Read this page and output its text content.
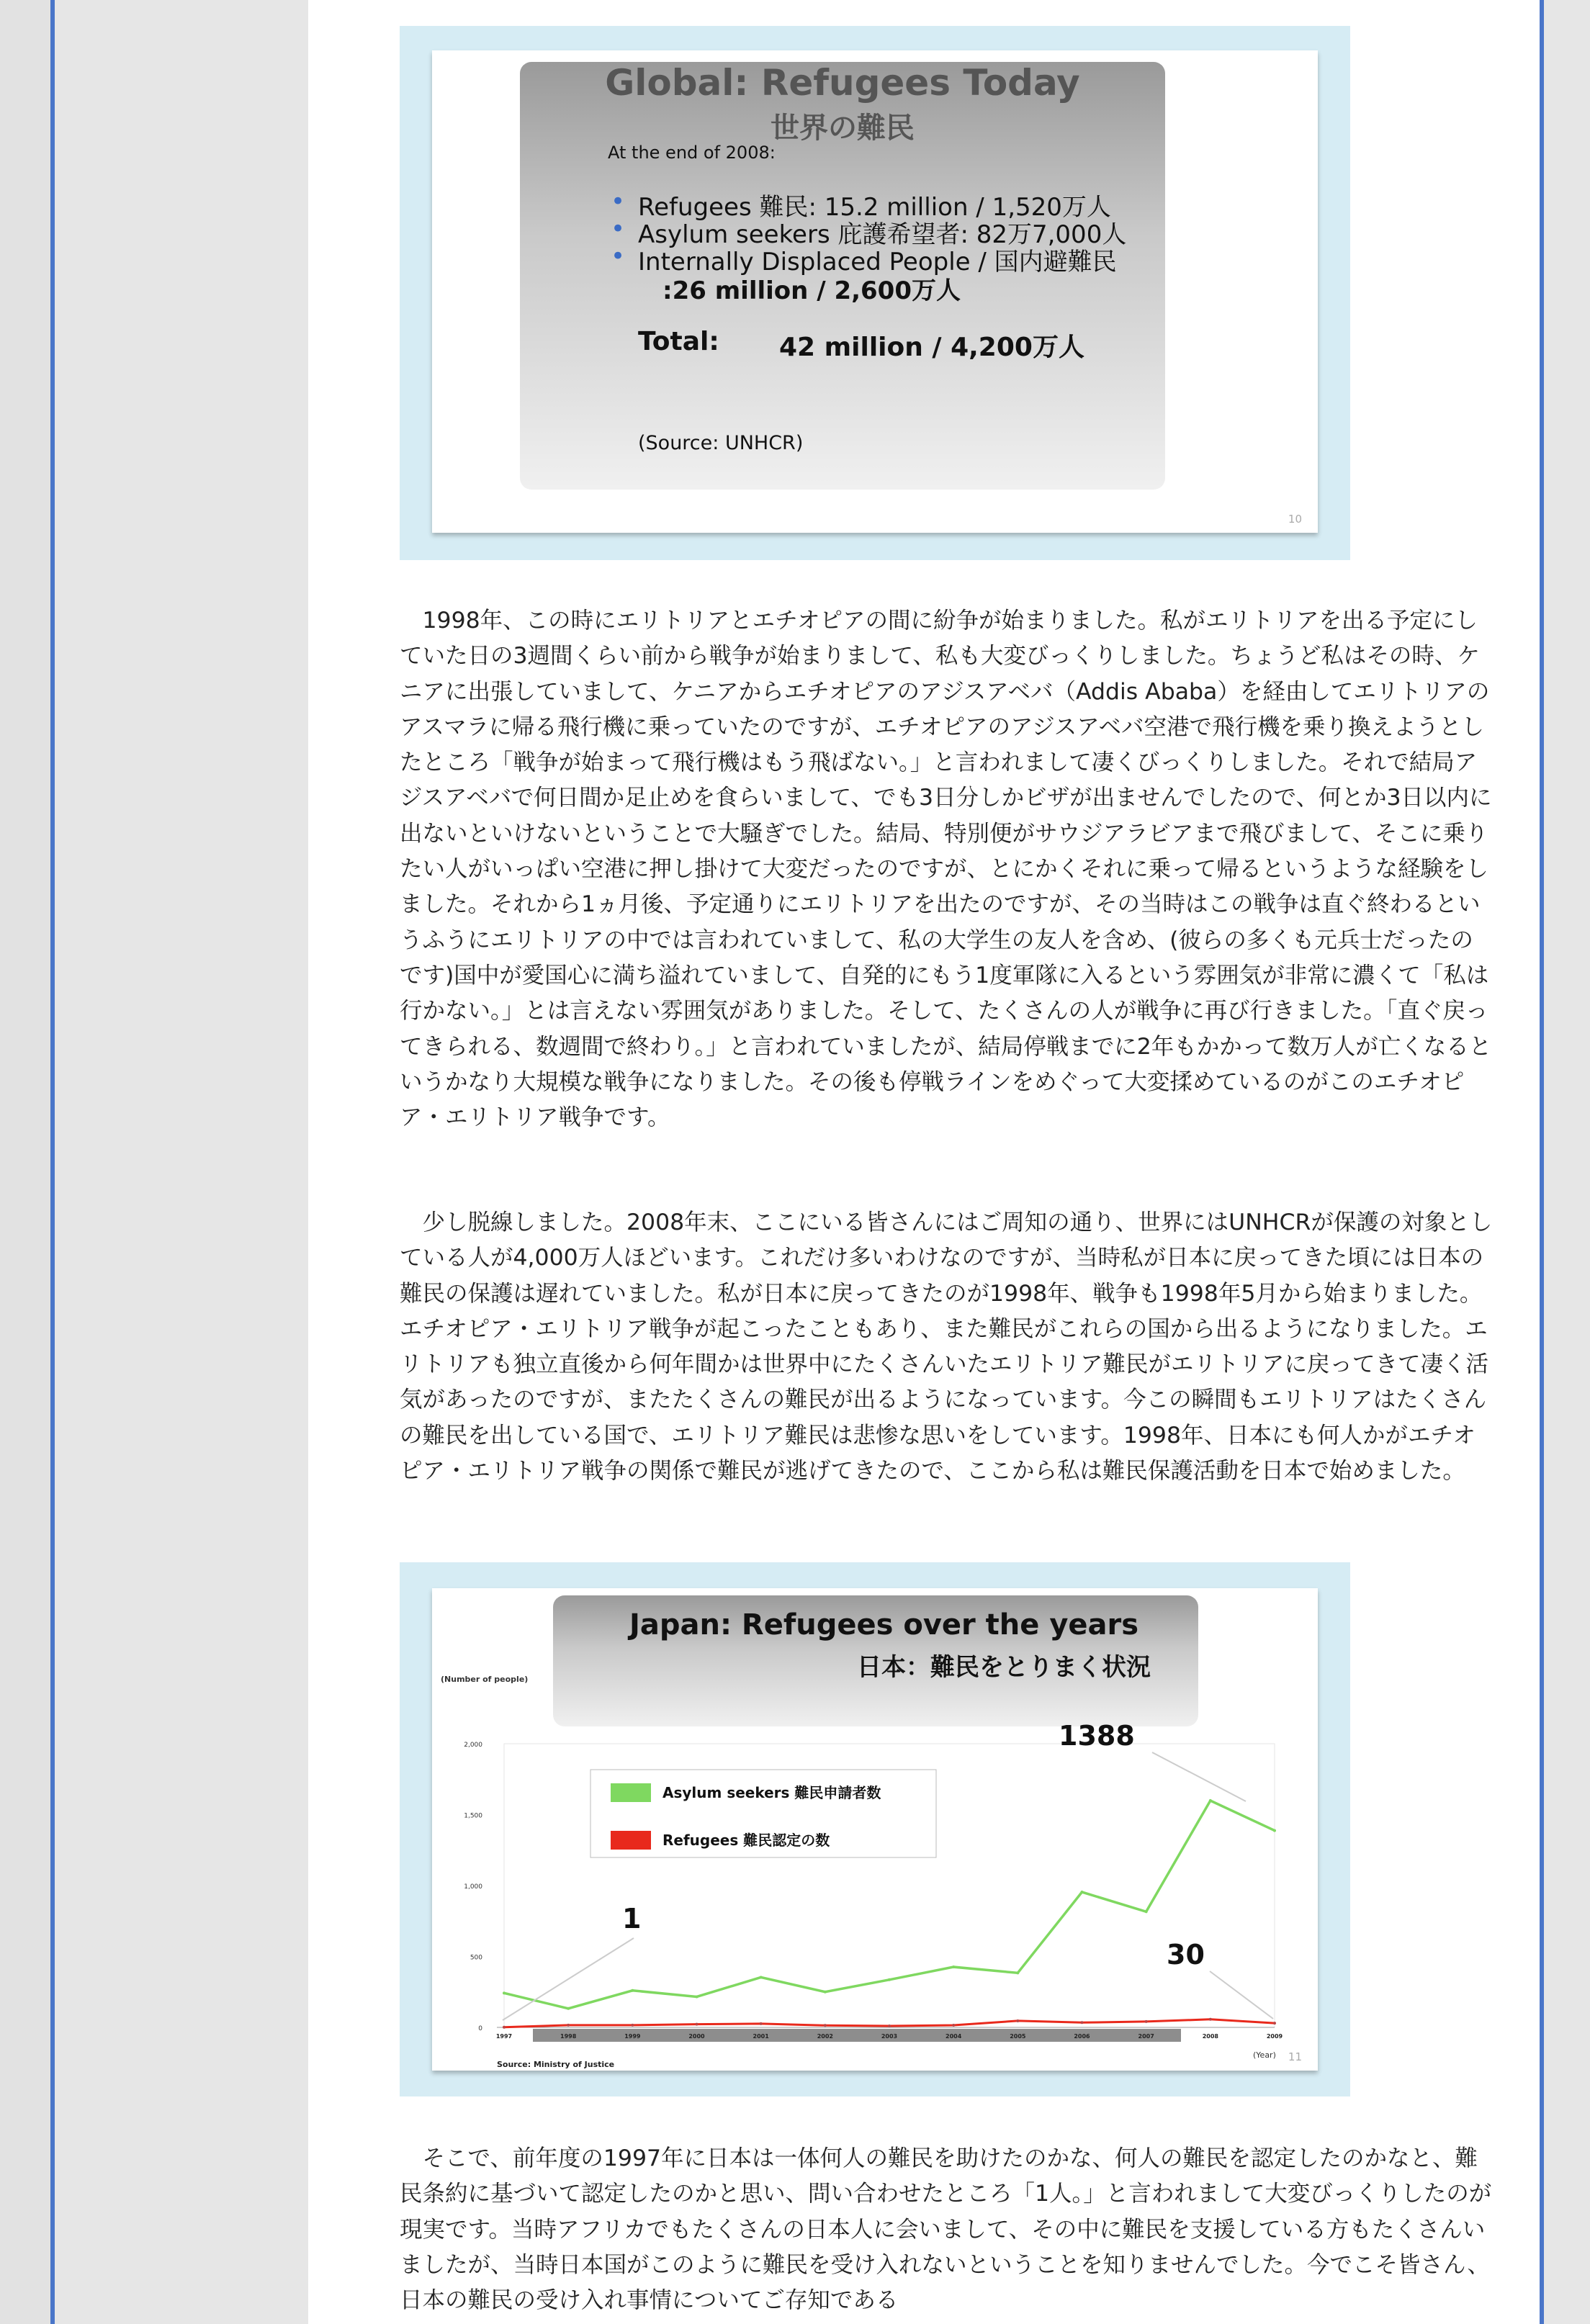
Global: Refugees Today
世界の難民
At the end of 2008:
• Refugees 難民: 15.2 million / 1,520万人
• Asylum seekers 庇護希望者: 82万7,000人
• Internally Displaced People / 国内避難民
:26 million / 2,600万人
Total: 42 million / 4,200万人
(Source: UNHCR)
10
1998年、この時にエリトリアとエチオピアの間に紛争が始まりました。私がエリトリアを出る予定にしていた日の3週間くらい前から戦争が始まりまして、私も大変びっくりしました。ちょうど私はその時、ケニアに出張していまして、ケニアからエチオピアのアジスアベバ（Addis Ababa）を経由してエリトリアのアスマラに帰る飛行機に乗っていたのですが、エチオピアのアジスアベバ空港で飛行機を乗り換えようとしたところ「戦争が始まって飛行機はもう飛ばない。」と言われまして凄くびっくりしました。それで結局アジスアベバで何日間か足止めを食らいまして、でも3日分しかビザが出ませんでしたので、何とか3日以内に出ないといけないということで大騒ぎでした。結局、特別便がサウジアラビアまで飛びまして、そこに乗りたい人がいっぱい空港に押し掛けて大変だったのですが、とにかくそれに乗って帰るというような経験をしました。それから1ヵ月後、予定通りにエリトリアを出たのですが、その当時はこの戦争は直ぐ終わるというふうにエリトリアの中では言われていまして、私の大学生の友人を含め、(彼らの多くも元兵士だったのです)国中が愛国心に満ち溢れていまして、自発的にもう1度軍隊に入るという雰囲気が非常に濃くて「私は行かない。」とは言えない雰囲気がありました。そして、たくさんの人が戦争に再び行きました。「直ぐ戻ってきられる、数週間で終わり。」と言われていましたが、結局停戦までに2年もかかって数万人が亡くなるというかなり大規模な戦争になりました。その後も停戦ラインをめぐって大変揉めているのがこのエチオピア・エリトリア戦争です。
少し脱線しました。2008年末、ここにいる皆さんにはご周知の通り、世界にはUNHCRが保護の対象としている人が4,000万人ほどいます。これだけ多いわけなのですが、当時私が日本に戻ってきた頃には日本の難民の保護は遅れていました。私が日本に戻ってきたのが1998年、戦争も1998年5月から始まりました。エチオピア・エリトリア戦争が起こったこともあり、また難民がこれらの国から出るようになりました。エリトリアも独立直後から何年間かは世界中にたくさんいたエリトリア難民がエリトリアに戻ってきて凄く活気があったのですが、またたくさんの難民が出るようになっています。今この瞬間もエリトリアはたくさんの難民を出している国で、エリトリア難民は悲惨な思いをしています。1998年、日本にも何人かがエチオピア・エリトリア戦争の関係で難民が逃げてきたので、ここから私は難民保護活動を日本で始めました。
Japan: Refugees over the years
日本：難民をとりまく状況
(Number of people)
0
500
1,000
1,500
2,000
1997	1998	1999	2000	2001	2002	2003	2004	2005	2006	2007	2008	2009
(Year)
Source: Ministry of Justice
Asylum seekers 難民申請者数
Refugees 難民認定の数
1388
1
30
11
そこで、前年度の1997年に日本は一体何人の難民を助けたのかな、何人の難民を認定したのかなと、難民条約に基づいて認定したのかと思い、問い合わせたところ「1人。」と言われまして大変びっくりしたのが現実です。当時アフリカでもたくさんの日本人に会いまして、その中に難民を支援している方もたくさんいましたが、当時日本国がこのように難民を受け入れないということを知りませんでした。今でこそ皆さん、日本の難民の受け入れ事情についてご存知である
